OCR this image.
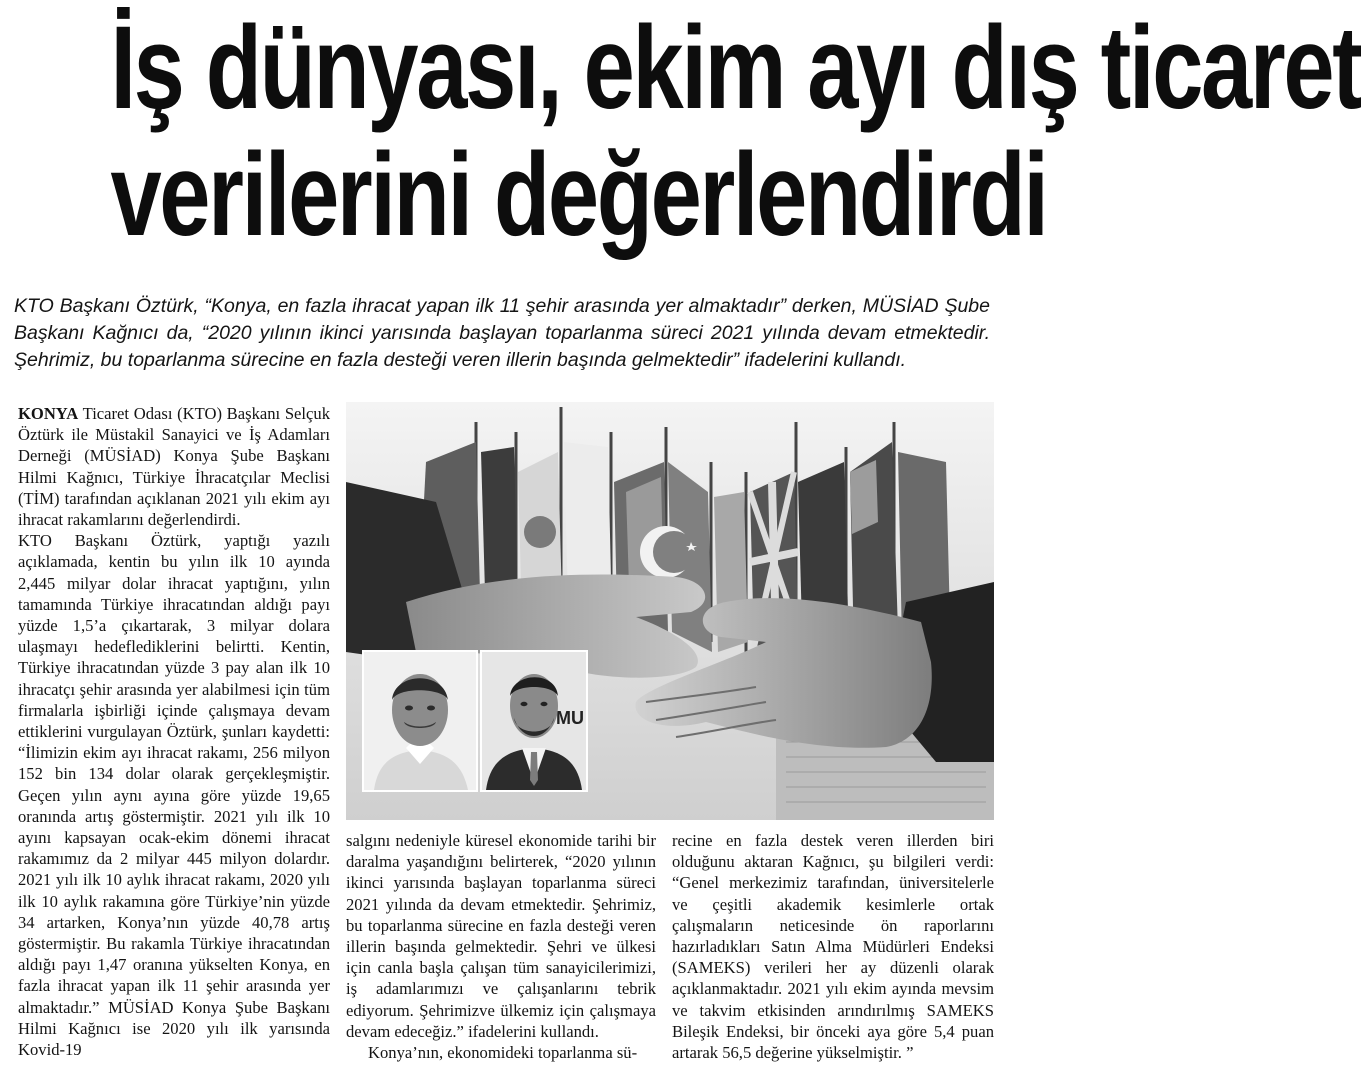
İş dünyası, ekim ayı dış ticaret
verilerini değerlendirdi

KTO Başkanı Öztürk, “Konya, en fazla ihracat yapan ilk 11 şehir arasında yer almaktadır” derken, MÜSİAD Şube Başkanı Kağnıcı da, “2020 yılının ikinci yarısında başlayan toparlanma süreci 2021 yılında devam etmektedir. Şehrimiz, bu toparlanma sürecine en fazla desteği veren illerin başında gelmektedir” ifadelerini kullandı.

KONYA Ticaret Odası (KTO) Başkanı Selçuk Öztürk ile Müstakil Sanayici ve İş Adamları Derneği (MÜSİAD) Konya Şube Başkanı Hilmi Kağnıcı, Türkiye İhracatçılar Meclisi (TİM) tarafından açıklanan 2021 yılı ekim ayı ihracat rakamlarını değerlendirdi.

KTO Başkanı Öztürk, yaptığı yazılı açıklamada, kentin bu yılın ilk 10 ayında 2,445 milyar dolar ihracat yaptığını, yılın tamamında Türkiye ihracatından aldığı payı yüzde 1,5’a çıkartarak, 3 milyar dolara ulaşmayı hedeflediklerini belirtti. Kentin, Türkiye ihracatından yüzde 3 pay alan ilk 10 ihracatçı şehir arasında yer alabilmesi için tüm firmalarla işbirliği içinde çalışmaya devam ettiklerini vurgulayan Öztürk, şunları kaydetti: “İlimizin ekim ayı ihracat rakamı, 256 milyon 152 bin 134 dolar olarak gerçekleşmiştir. Geçen yılın aynı ayına göre yüzde 19,65 oranında artış göstermiştir. 2021 yılı ilk 10 ayını kapsayan ocak-ekim dönemi ihracat rakamımız da 2 milyar 445 milyon dolardır. 2021 yılı ilk 10 aylık ihracat rakamı, 2020 yılı ilk 10 aylık rakamına göre Türkiye’nin yüzde 34 artarken, Konya’nın yüzde 40,78 artış göstermiştir. Bu rakamla Türkiye ihracatından aldığı payı 1,47 oranına yükselten Konya, en fazla ihracat yapan ilk 11 şehir arasında yer almaktadır.” MÜSİAD Konya Şube Başkanı Hilmi Kağnıcı ise 2020 yılı ilk yarısında Kovid-19

salgını nedeniyle küresel ekonomide tarihi bir daralma yaşandığını belirterek, “2020 yılının ikinci yarısında başlayan toparlanma süreci 2021 yılında da devam etmektedir. Şehrimiz, bu toparlanma sürecine en fazla desteği veren illerin başında gelmektedir. Şehri ve ülkesi için canla başla çalışan tüm sanayicilerimizi, iş adamlarımızı ve çalışanlarını tebrik ediyorum. Şehrimizve ülkemiz için çalışmaya devam edeceğiz.” ifadelerini kullandı.

Konya’nın, ekonomideki toparlanma sü-

recine en fazla destek veren illerden biri olduğunu aktaran Kağnıcı, şu bilgileri verdi: “Genel merkezimiz tarafından, üniversitelerle ve çeşitli akademik kesimlerle ortak çalışmaların neticesinde ön raporlarını hazırladıkları Satın Alma Müdürleri Endeksi (SAMEKS) verileri her ay düzenli olarak açıklanmaktadır. 2021 yılı ekim ayında mevsim ve takvim etkisinden arındırılmış SAMEKS Bileşik Endeksi, bir önceki aya göre 5,4 puan artarak 56,5 değerine yükselmiştir. ”

MU
